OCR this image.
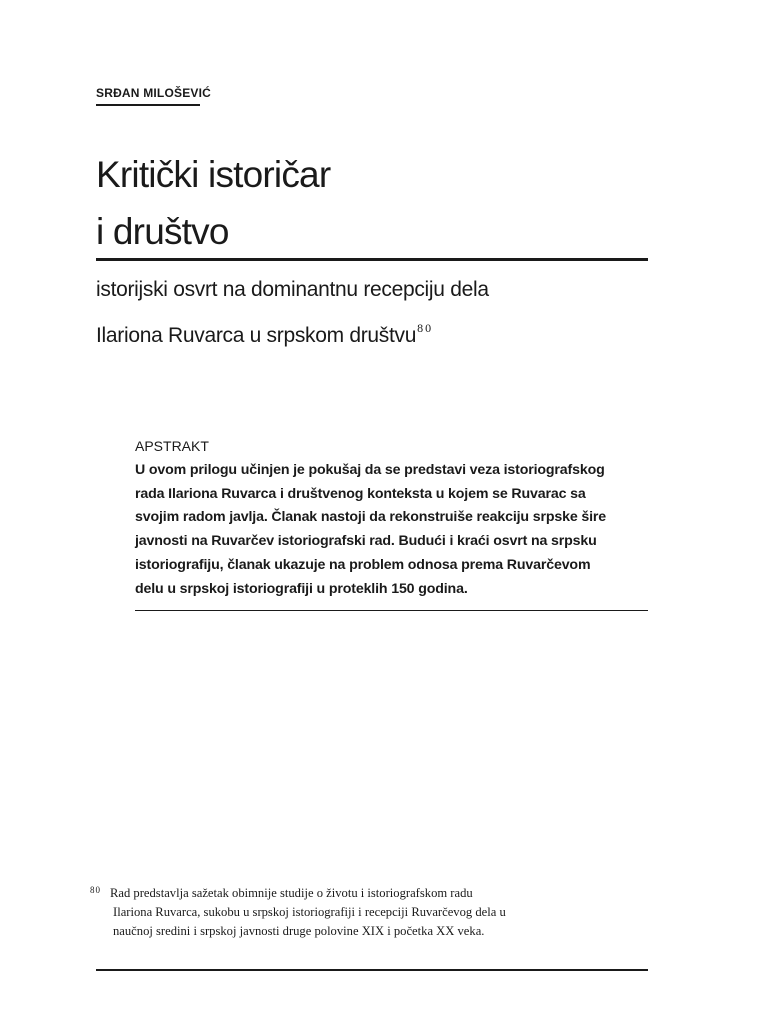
SRĐAN MILOŠEVIĆ
Kritički istoričar
i društvo
istorijski osvrt na dominantnu recepciju dela
Ilariona Ruvarca u srpskom društvu$^{80}$
APSTRAKT
U ovom prilogu učinjen je pokušaj da se predstavi veza istoriografskog
rada Ilariona Ruvarca i društvenog konteksta u kojem se Ruvarac sa
svojim radom javlja. Članak nastoji da rekonstruiše reakciju srpske šire
javnosti na Ruvarčev istoriografski rad. Budući i kraći osvrt na srpsku
istoriografiju, članak ukazuje na problem odnosa prema Ruvarčevom
delu u srpskoj istoriografiji u proteklih 150 godina.
80 Rad predstavlja sažetak obimnije studije o životu i istoriografskom radu
Ilariona Ruvarca, sukobu u srpskoj istoriografiji i recepciji Ruvarčevog dela u
naučnoj sredini i srpskoj javnosti druge polovine XIX i početka XX veka.
